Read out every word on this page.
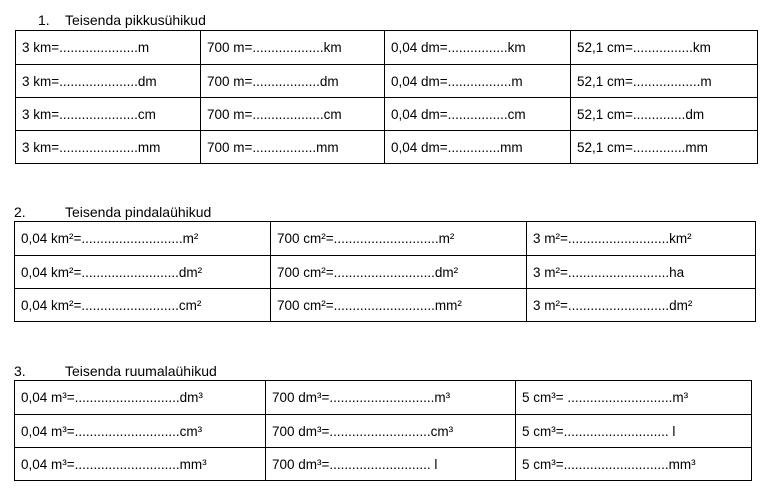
1. Teisenda pikkusühikud
3 km=.....................m	700 m=...................km	0,04 dm=................km	52,1 cm=................km
3 km=.....................dm	700 m=..................dm	0,04 dm=.................m	52,1 cm=..................m
3 km=.....................cm	700 m=...................cm	0,04 dm=................cm	52,1 cm=..............dm
3 km=.....................mm	700 m=.................mm	0,04 dm=..............mm	52,1 cm=..............mm
2.	Teisenda pindalaühikud
0,04 km²=...........................m²	700 cm²=............................m²	3 m²=...........................km²
0,04 km²=..........................dm²	700 cm²=...........................dm²	3 m²=...........................ha
0,04 km²=..........................cm²	700 cm²=...........................mm²	3 m²=...........................dm²
3.	Teisenda ruumalaühikud
0,04 m³=............................dm³	700 dm³=............................m³	5 cm³= ............................m³
0,04 m³=............................cm³	700 dm³=...........................cm³	5 cm³=............................ l
0,04 m³=............................mm³	700 dm³=........................... l	5 cm³=............................mm³
